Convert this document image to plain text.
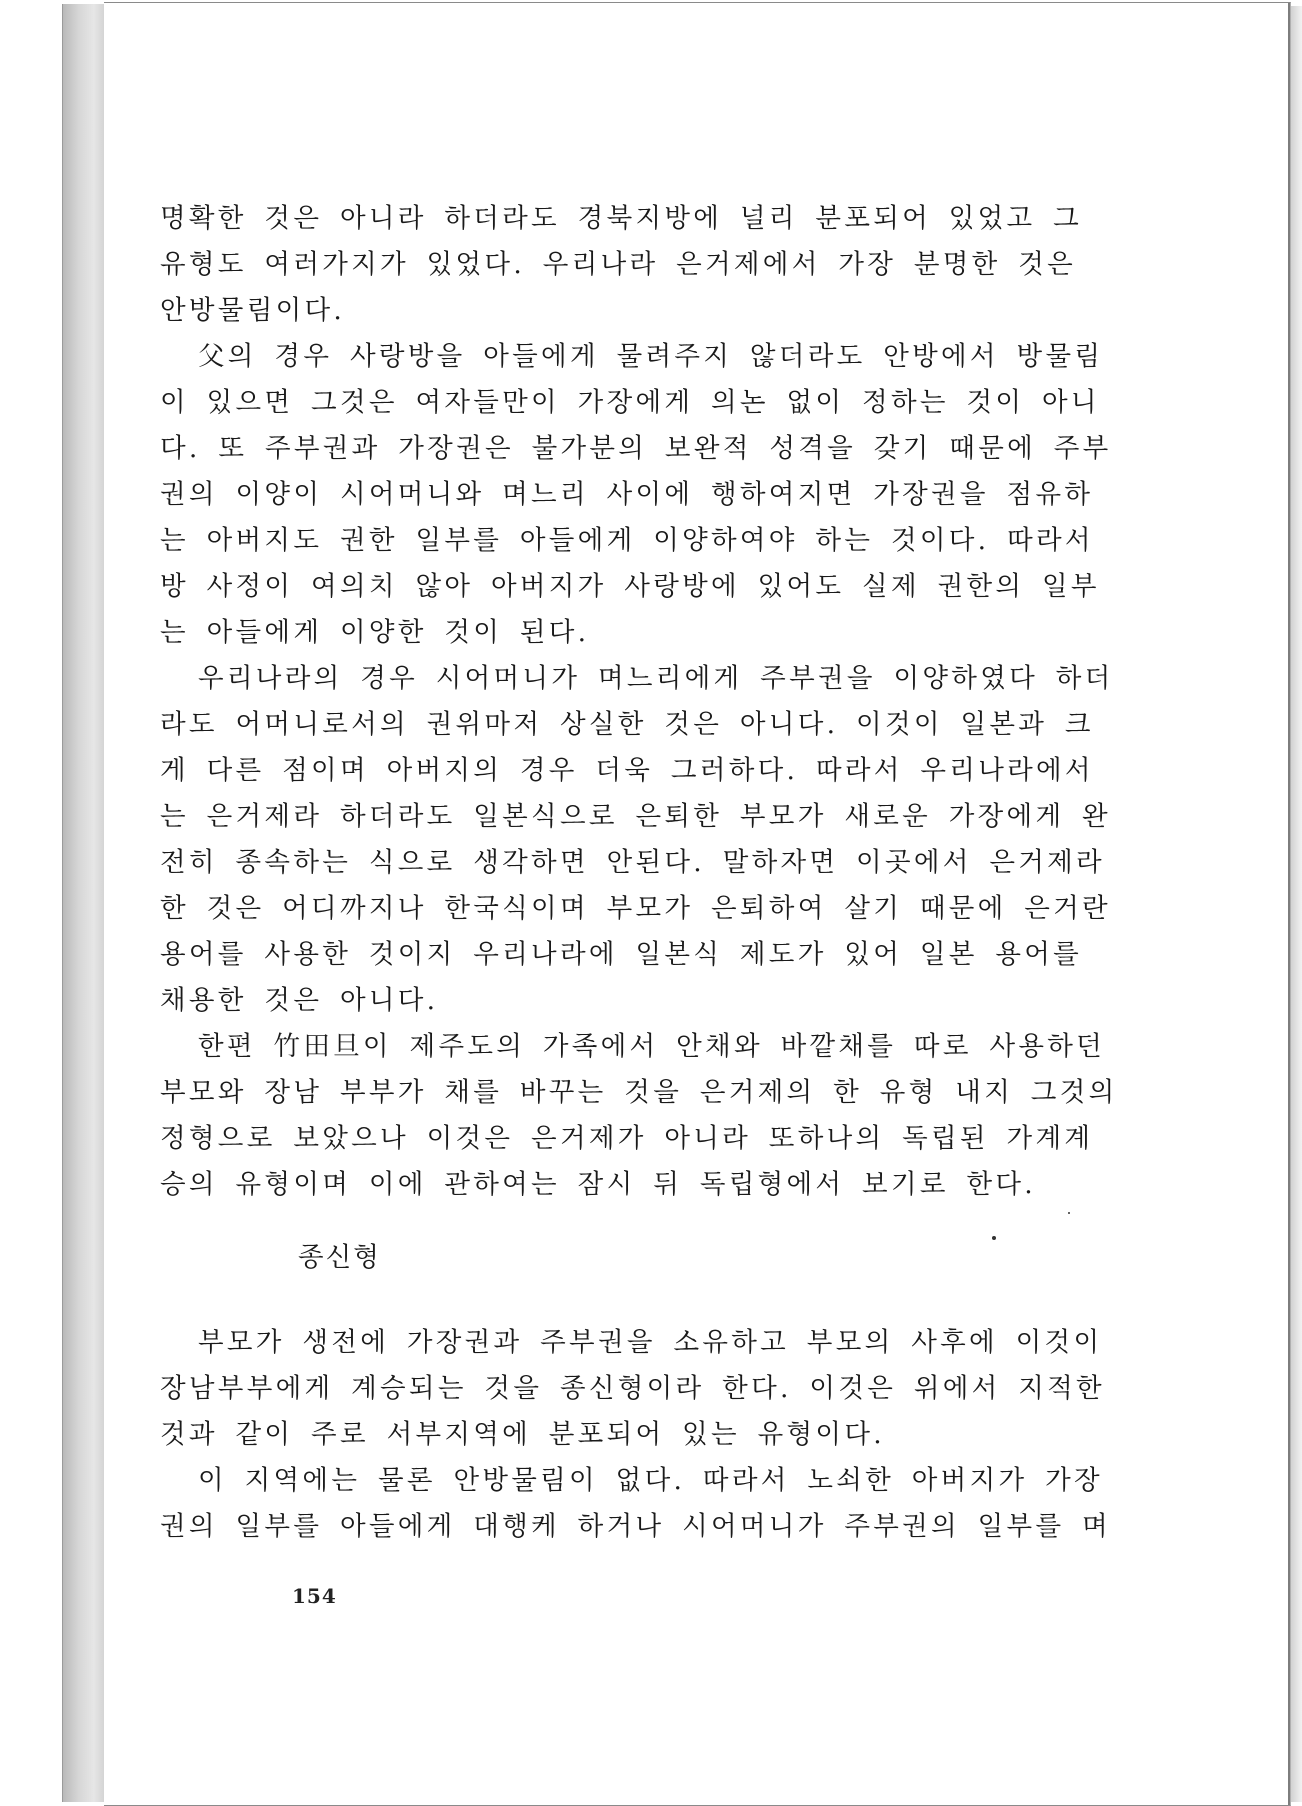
명확한 것은 아니라 하더라도 경북지방에 널리 분포되어 있었고 그
유형도 여러가지가 있었다. 우리나라 은거제에서 가장 분명한 것은
안방물림이다.
父의 경우 사랑방을 아들에게 물려주지 않더라도 안방에서 방물림
이 있으면 그것은 여자들만이 가장에게 의논 없이 정하는 것이 아니
다. 또 주부권과 가장권은 불가분의 보완적 성격을 갖기 때문에 주부
권의 이양이 시어머니와 며느리 사이에 행하여지면 가장권을 점유하
는 아버지도 권한 일부를 아들에게 이양하여야 하는 것이다. 따라서
방 사정이 여의치 않아 아버지가 사랑방에 있어도 실제 권한의 일부
는 아들에게 이양한 것이 된다.
우리나라의 경우 시어머니가 며느리에게 주부권을 이양하였다 하더
라도 어머니로서의 권위마저 상실한 것은 아니다. 이것이 일본과 크
게 다른 점이며 아버지의 경우 더욱 그러하다. 따라서 우리나라에서
는 은거제라 하더라도 일본식으로 은퇴한 부모가 새로운 가장에게 완
전히 종속하는 식으로 생각하면 안된다. 말하자면 이곳에서 은거제라
한 것은 어디까지나 한국식이며 부모가 은퇴하여 살기 때문에 은거란
용어를 사용한 것이지 우리나라에 일본식 제도가 있어 일본 용어를
채용한 것은 아니다.
한편 竹田旦이 제주도의 가족에서 안채와 바깥채를 따로 사용하던
부모와 장남 부부가 채를 바꾸는 것을 은거제의 한 유형 내지 그것의
정형으로 보았으나 이것은 은거제가 아니라 또하나의 독립된 가계계
승의 유형이며 이에 관하여는 잠시 뒤 독립형에서 보기로 한다.
종신형
부모가 생전에 가장권과 주부권을 소유하고 부모의 사후에 이것이
장남부부에게 계승되는 것을 종신형이라 한다. 이것은 위에서 지적한
것과 같이 주로 서부지역에 분포되어 있는 유형이다.
이 지역에는 물론 안방물림이 없다. 따라서 노쇠한 아버지가 가장
권의 일부를 아들에게 대행케 하거나 시어머니가 주부권의 일부를 며
154
